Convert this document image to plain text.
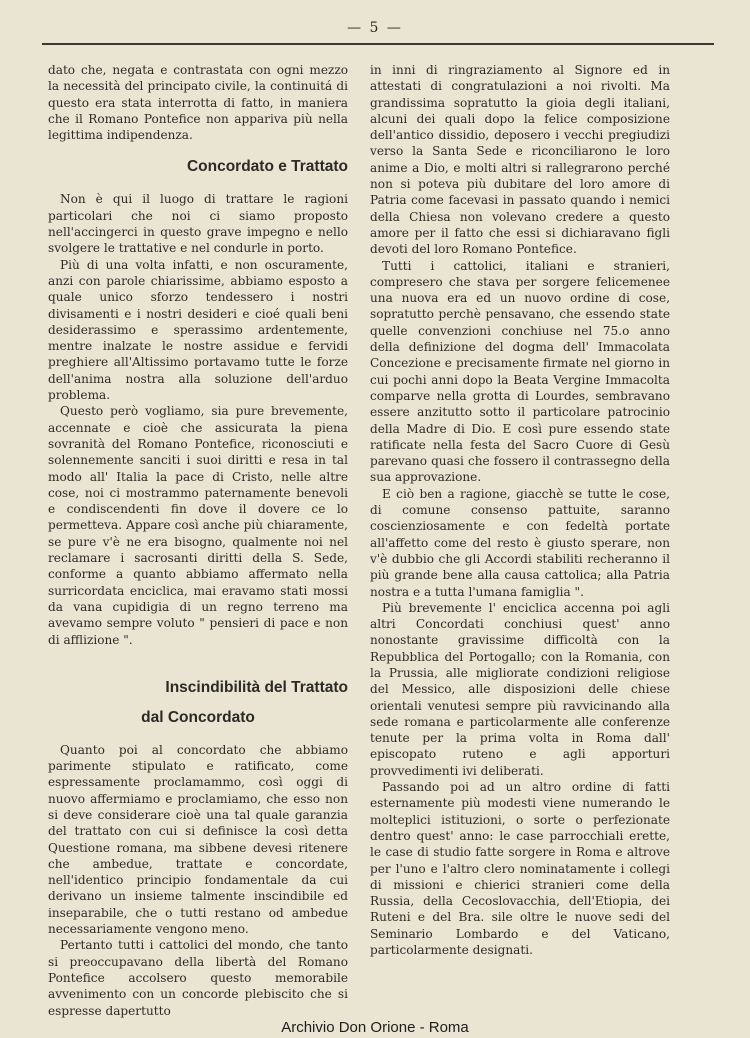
— 5 —

dato che, negata e contrastata con ogni mezzo la necessità del principato civile, la continuitá di questo era stata interrotta di fatto, in maniera che il Romano Pontefice non appariva più nella legittima indipendenza.

Concordato e Trattato

Non è qui il luogo di trattare le ragioni particolari che noi ci siamo proposto nell'accingerci in questo grave impegno e nello svolgere le trattative e nel condurle in porto.

Più di una volta infatti, e non oscuramente, anzi con parole chiarissime, abbiamo esposto a quale unico sforzo tendessero i nostri divisamenti e i nostri desideri e cioé quali beni desiderassimo e sperassimo ardentemente, mentre inalzate le nostre assidue e fervidi preghiere all'Altissimo portavamo tutte le forze dell'anima nostra alla soluzione dell'arduo problema.

Questo però vogliamo, sia pure brevemente, accennate e cioè che assicurata la piena sovranità del Romano Pontefice, riconosciuti e solennemente sanciti i suoi diritti e resa in tal modo all' Italia la pace di Cristo, nelle altre cose, noi ci mostrammo paternamente benevoli e condiscendenti fin dove il dovere ce lo permetteva. Appare così anche più chiaramente, se pure v'è ne era bisogno, qualmente noi nel reclamare i sacrosanti diritti della S. Sede, conforme a quanto abbiamo affermato nella surricordata enciclica, mai eravamo stati mossi da vana cupidigia di un regno terreno ma avevamo sempre voluto " pensieri di pace e non di afflizione ".

Inscindibilità del Trattato
dal Concordato

Quanto poi al concordato che abbiamo parimente stipulato e ratificato, come espressamente proclamammo, così oggi di nuovo affermiamo e proclamiamo, che esso non si deve considerare cioè una tal quale garanzia del trattato con cui si definisce la così detta Questione romana, ma sibbene devesi ritenere che ambedue, trattate e concordate, nell'identico principio fondamentale da cui derivano un insieme talmente inscindibile ed inseparabile, che o tutti restano od ambedue necessariamente vengono meno.

Pertanto tutti i cattolici del mondo, che tanto si preoccupavano della libertà del Romano Pontefice accolsero questo memorabile avvenimento con un concorde plebiscito che si espresse dapertutto

in inni di ringraziamento al Signore ed in attestati di congratulazioni a noi rivolti. Ma grandissima sopratutto la gioia degli italiani, alcuni dei quali dopo la felice composizione dell'antico dissidio, deposero i vecchi pregiudizi verso la Santa Sede e riconciliarono le loro anime a Dio, e molti altri si rallegrarono perché non si poteva più dubitare del loro amore di Patria come facevasi in passato quando i nemici della Chiesa non volevano credere a questo amore per il fatto che essi si dichiaravano figli devoti del loro Romano Pontefice.

Tutti i cattolici, italiani e stranieri, compresero che stava per sorgere felicemenee una nuova era ed un nuovo ordine di cose, sopratutto perchè pensavano, che essendo state quelle convenzioni conchiuse nel 75.o anno della definizione del dogma dell' Immacolata Concezione e precisamente firmate nel giorno in cui pochi anni dopo la Beata Vergine Immacolta comparve nella grotta di Lourdes, sembravano essere anzitutto sotto il particolare patrocinio della Madre di Dio. E così pure essendo state ratificate nella festa del Sacro Cuore di Gesù parevano quasi che fossero il contrassegno della sua approvazione.

E ciò ben a ragione, giacchè se tutte le cose, di comune consenso pattuite, saranno coscienziosamente e con fedeltà portate all'affetto come del resto è giusto sperare, non v'è dubbio che gli Accordi stabiliti recheranno il più grande bene alla causa cattolica; alla Patria nostra e a tutta l'umana famiglia ".

Più brevemente l' enciclica accenna poi agli altri Concordati conchiusi quest' anno nonostante gravissime difficoltà con la Repubblica del Portogallo; con la Romania, con la Prussia, alle migliorate condizioni religiose del Messico, alle disposizioni delle chiese orientali venutesi sempre più ravvicinando alla sede romana e particolarmente alle conferenze tenute per la prima volta in Roma dall' episcopato ruteno e agli apporturi provvedimenti ivi deliberati.

Passando poi ad un altro ordine di fatti esternamente più modesti viene numerando le molteplici istituzioni, o sorte o perfezionate dentro quest' anno: le case parrocchiali erette, le case di studio fatte sorgere in Roma e altrove per l'uno e l'altro clero nominatamente i collegi di missioni e chierici stranieri come della Russia, della Cecoslovacchia, dell'Etiopia, dei Ruteni e del Bra. sile oltre le nuove sedi del Seminario Lombardo e del Vaticano, particolarmente designati.

Archivio Don Orione - Roma
